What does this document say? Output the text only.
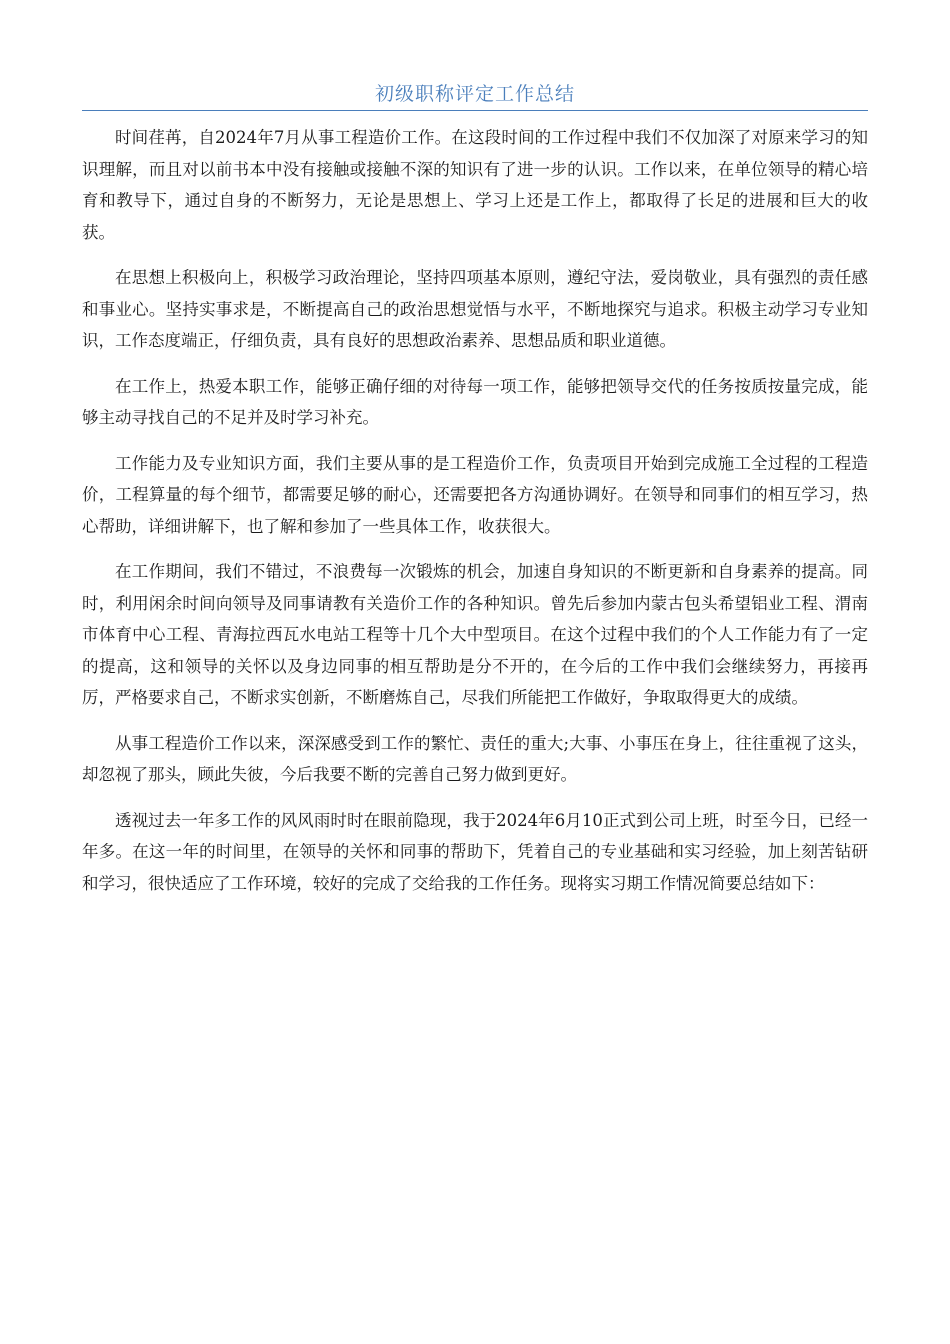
初级职称评定工作总结

时间荏苒，自2024年7月从事工程造价工作。在这段时间的工作过程中我们不仅加深了对原来学习的知识理解，而且对以前书本中没有接触或接触不深的知识有了进一步的认识。工作以来，在单位领导的精心培育和教导下，通过自身的不断努力，无论是思想上、学习上还是工作上，都取得了长足的进展和巨大的收获。

在思想上积极向上，积极学习政治理论，坚持四项基本原则，遵纪守法，爱岗敬业，具有强烈的责任感和事业心。坚持实事求是，不断提高自己的政治思想觉悟与水平，不断地探究与追求。积极主动学习专业知识，工作态度端正，仔细负责，具有良好的思想政治素养、思想品质和职业道德。

在工作上，热爱本职工作，能够正确仔细的对待每一项工作，能够把领导交代的任务按质按量完成，能够主动寻找自己的不足并及时学习补充。

工作能力及专业知识方面，我们主要从事的是工程造价工作，负责项目开始到完成施工全过程的工程造价，工程算量的每个细节，都需要足够的耐心，还需要把各方沟通协调好。在领导和同事们的相互学习，热心帮助，详细讲解下，也了解和参加了一些具体工作，收获很大。

在工作期间，我们不错过，不浪费每一次锻炼的机会，加速自身知识的不断更新和自身素养的提高。同时，利用闲余时间向领导及同事请教有关造价工作的各种知识。曾先后参加内蒙古包头希望铝业工程、渭南市体育中心工程、青海拉西瓦水电站工程等十几个大中型项目。在这个过程中我们的个人工作能力有了一定的提高，这和领导的关怀以及身边同事的相互帮助是分不开的，在今后的工作中我们会继续努力，再接再厉，严格要求自己，不断求实创新，不断磨炼自己，尽我们所能把工作做好，争取取得更大的成绩。

从事工程造价工作以来，深深感受到工作的繁忙、责任的重大;大事、小事压在身上，往往重视了这头，却忽视了那头，顾此失彼，今后我要不断的完善自己努力做到更好。

透视过去一年多工作的风风雨时时在眼前隐现，我于2024年6月10正式到公司上班，时至今日，已经一年多。在这一年的时间里，在领导的关怀和同事的帮助下，凭着自己的专业基础和实习经验，加上刻苦钻研和学习，很快适应了工作环境，较好的完成了交给我的工作任务。现将实习期工作情况简要总结如下：
